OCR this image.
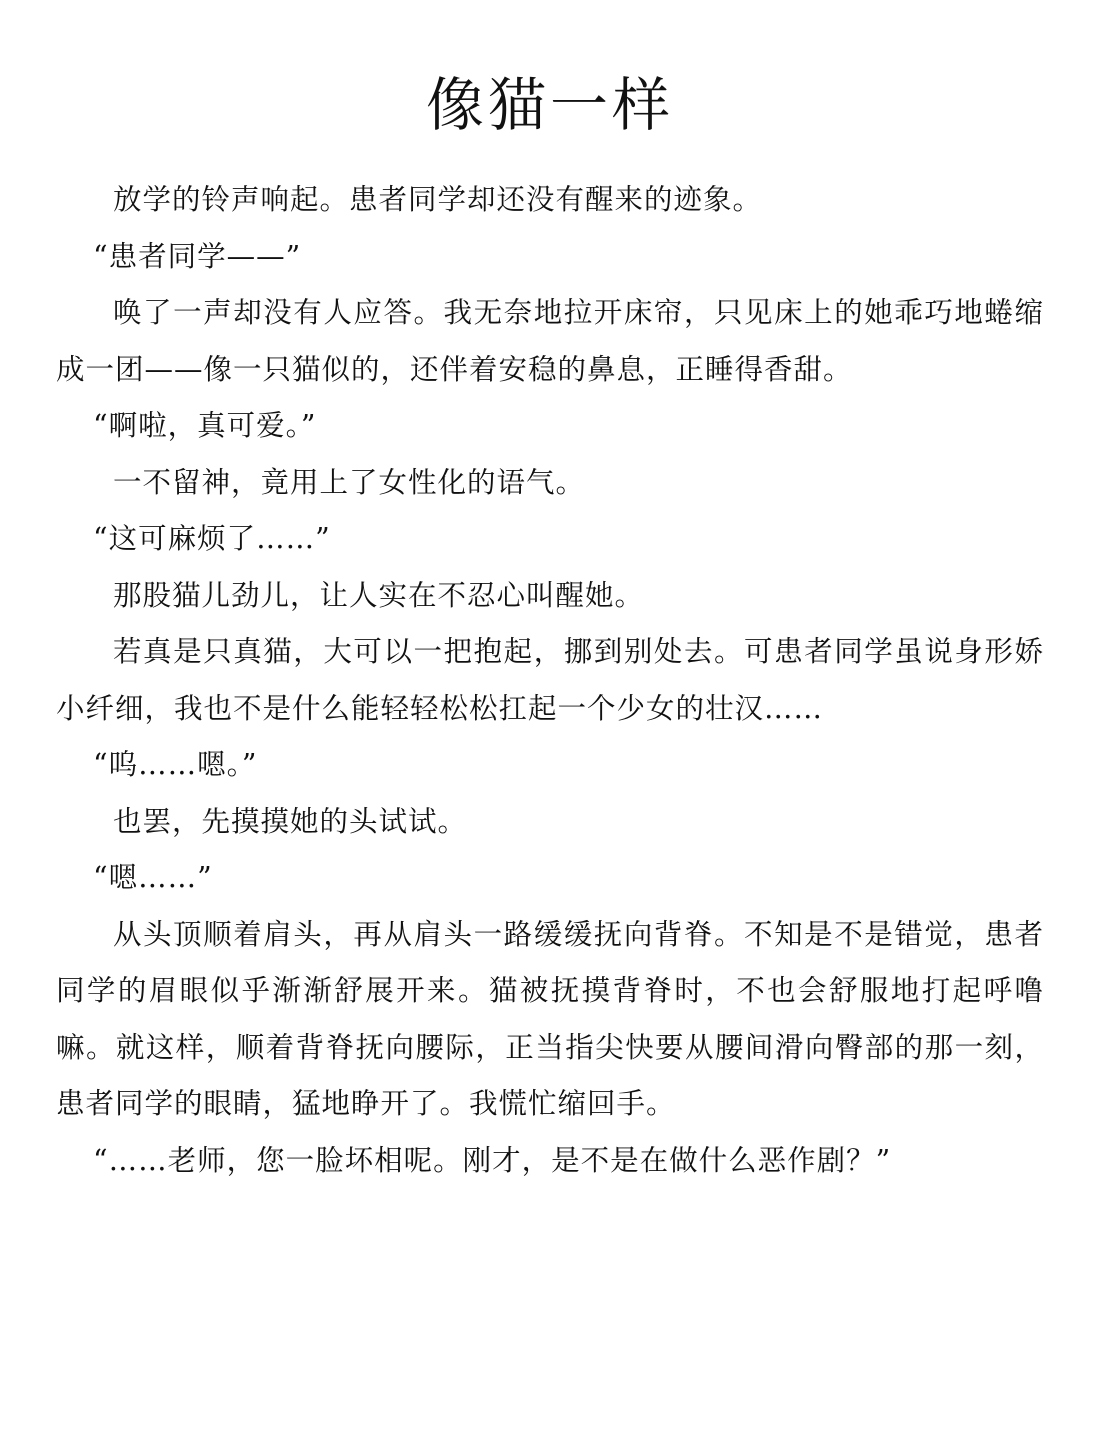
像猫一样

放学的铃声响起。患者同学却还没有醒来的迹象。

“患者同学——”

唤了一声却没有人应答。我无奈地拉开床帘，只见床上的她乖巧地蜷缩成一团——像一只猫似的，还伴着安稳的鼻息，正睡得香甜。

“啊啦，真可爱。”

一不留神，竟用上了女性化的语气。

“这可麻烦了……”

那股猫儿劲儿，让人实在不忍心叫醒她。

若真是只真猫，大可以一把抱起，挪到别处去。可患者同学虽说身形娇小纤细，我也不是什么能轻轻松松扛起一个少女的壮汉……

“呜……嗯。”

也罢，先摸摸她的头试试。

“嗯……”

从头顶顺着肩头，再从肩头一路缓缓抚向背脊。不知是不是错觉，患者同学的眉眼似乎渐渐舒展开来。猫被抚摸背脊时，不也会舒服地打起呼噜嘛。就这样，顺着背脊抚向腰际，正当指尖快要从腰间滑向臀部的那一刻，患者同学的眼睛，猛地睁开了。我慌忙缩回手。

“……老师，您一脸坏相呢。刚才，是不是在做什么恶作剧？”
